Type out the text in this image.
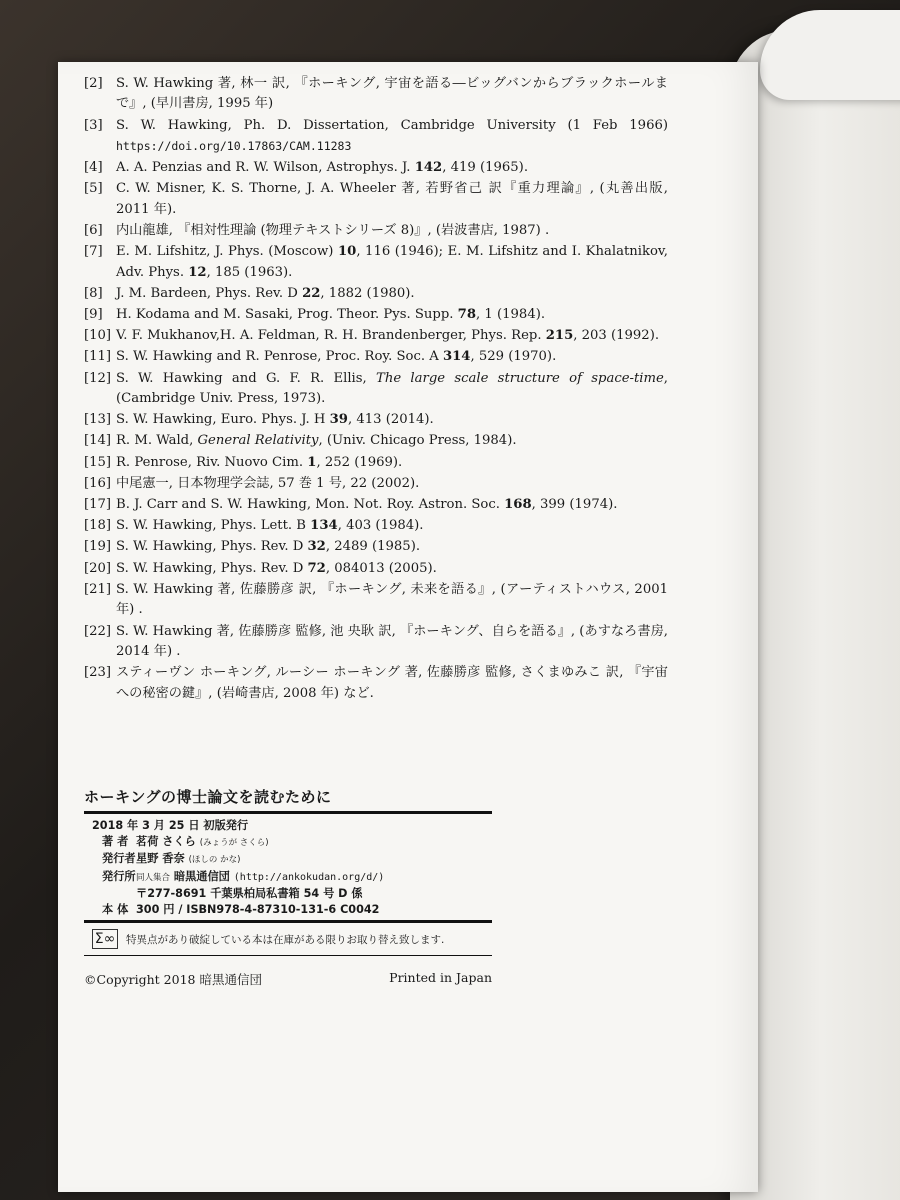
[2]	S. W. Hawking 著, 林一 訳, 『ホーキング, 宇宙を語る―ビッグバンからブラックホールまで』, (早川書房, 1995 年)
[3]	S. W. Hawking, Ph. D. Dissertation, Cambridge University (1 Feb 1966) https://doi.org/10.17863/CAM.11283
[4]	A. A. Penzias and R. W. Wilson, Astrophys. J. 142, 419 (1965).
[5]	C. W. Misner, K. S. Thorne, J. A. Wheeler 著, 若野省己 訳『重力理論』, (丸善出版, 2011 年).
[6]	内山龍雄, 『相対性理論 (物理テキストシリーズ 8)』, (岩波書店, 1987) .
[7]	E. M. Lifshitz, J. Phys. (Moscow) 10, 116 (1946); E. M. Lifshitz and I. Khalatnikov, Adv. Phys. 12, 185 (1963).
[8]	J. M. Bardeen, Phys. Rev. D 22, 1882 (1980).
[9]	H. Kodama and M. Sasaki, Prog. Theor. Pys. Supp. 78, 1 (1984).
[10] V. F. Mukhanov,H. A. Feldman, R. H. Brandenberger, Phys. Rep. 215, 203 (1992).
[11] S. W. Hawking and R. Penrose, Proc. Roy. Soc. A 314, 529 (1970).
[12] S. W. Hawking and G. F. R. Ellis, The large scale structure of space-time, (Cambridge Univ. Press, 1973).
[13] S. W. Hawking, Euro. Phys. J. H 39, 413 (2014).
[14] R. M. Wald, General Relativity, (Univ. Chicago Press, 1984).
[15] R. Penrose, Riv. Nuovo Cim. 1, 252 (1969).
[16] 中尾憲一, 日本物理学会誌, 57 巻 1 号, 22 (2002).
[17] B. J. Carr and S. W. Hawking, Mon. Not. Roy. Astron. Soc. 168, 399 (1974).
[18] S. W. Hawking, Phys. Lett. B 134, 403 (1984).
[19] S. W. Hawking, Phys. Rev. D 32, 2489 (1985).
[20] S. W. Hawking, Phys. Rev. D 72, 084013 (2005).
[21] S. W. Hawking 著, 佐藤勝彦 訳, 『ホーキング, 未来を語る』, (アーティストハウス, 2001 年) .
[22] S. W. Hawking 著, 佐藤勝彦 監修, 池 央耿 訳, 『ホーキング、自らを語る』, (あすなろ書房, 2014 年) .
[23] スティーヴン ホーキング, ルーシー ホーキング 著, 佐藤勝彦 監修, さくまゆみこ 訳, 『宇宙への秘密の鍵』, (岩崎書店, 2008 年) など.
ホーキングの博士論文を読むために
2018 年 3 月 25 日 初版発行
著 者 茗荷 さくら (みょうが さくら)
発行者 星野 香奈 (ほしの かな)
発行所 同人集合 暗黒通信団 (http://ankokudan.org/d/)
〒277-8691 千葉県柏局私書箱 54 号 D 係
本 体 300 円 / ISBN978-4-87310-131-6 C0042
Σ∞ 特異点があり破綻している本は在庫がある限りお取り替え致します.
©Copyright 2018 暗黒通信団	Printed in Japan
